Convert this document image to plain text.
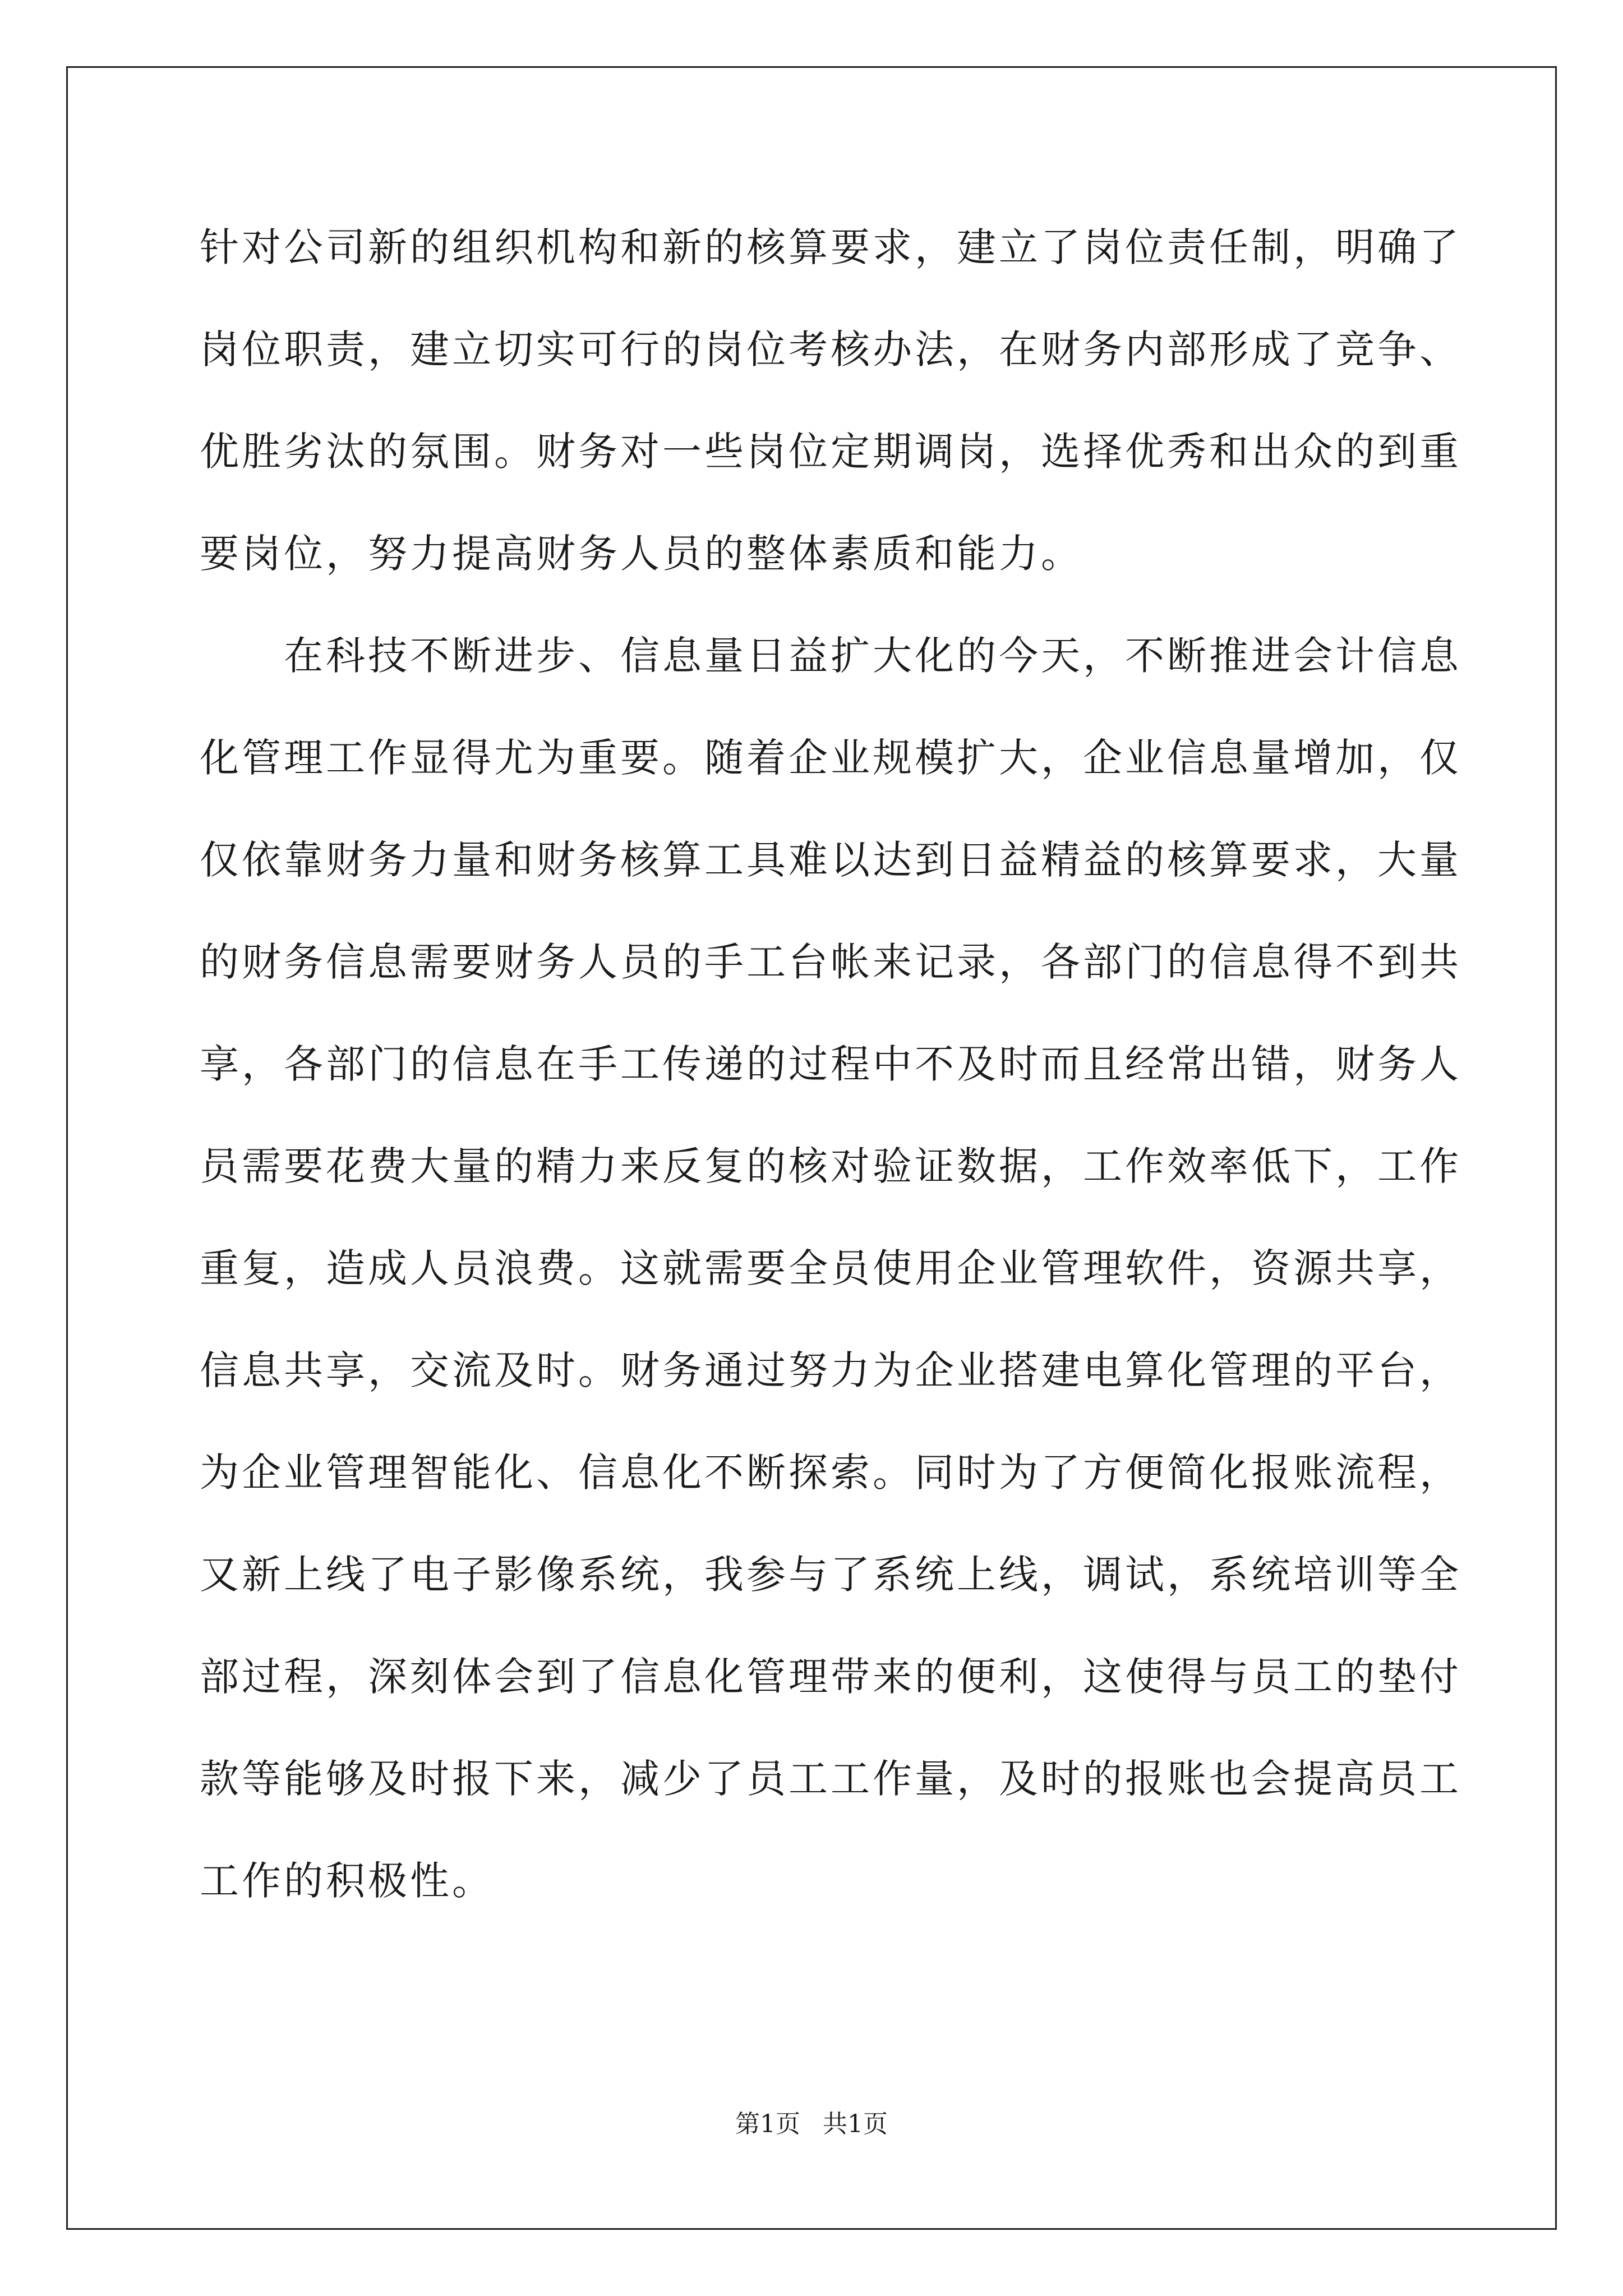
针对公司新的组织机构和新的核算要求，建立了岗位责任制，明确了
岗位职责，建立切实可行的岗位考核办法，在财务内部形成了竞争、
优胜劣汰的氛围。财务对一些岗位定期调岗，选择优秀和出众的到重
要岗位，努力提高财务人员的整体素质和能力。
在科技不断进步、信息量日益扩大化的今天，不断推进会计信息
化管理工作显得尤为重要。随着企业规模扩大，企业信息量增加，仅
仅依靠财务力量和财务核算工具难以达到日益精益的核算要求，大量
的财务信息需要财务人员的手工台帐来记录，各部门的信息得不到共
享，各部门的信息在手工传递的过程中不及时而且经常出错，财务人
员需要花费大量的精力来反复的核对验证数据，工作效率低下，工作
重复，造成人员浪费。这就需要全员使用企业管理软件，资源共享，
信息共享，交流及时。财务通过努力为企业搭建电算化管理的平台，
为企业管理智能化、信息化不断探索。同时为了方便简化报账流程，
又新上线了电子影像系统，我参与了系统上线，调试，系统培训等全
部过程，深刻体会到了信息化管理带来的便利，这使得与员工的垫付
款等能够及时报下来，减少了员工工作量，及时的报账也会提高员工
工作的积极性。
第1页 共1页
